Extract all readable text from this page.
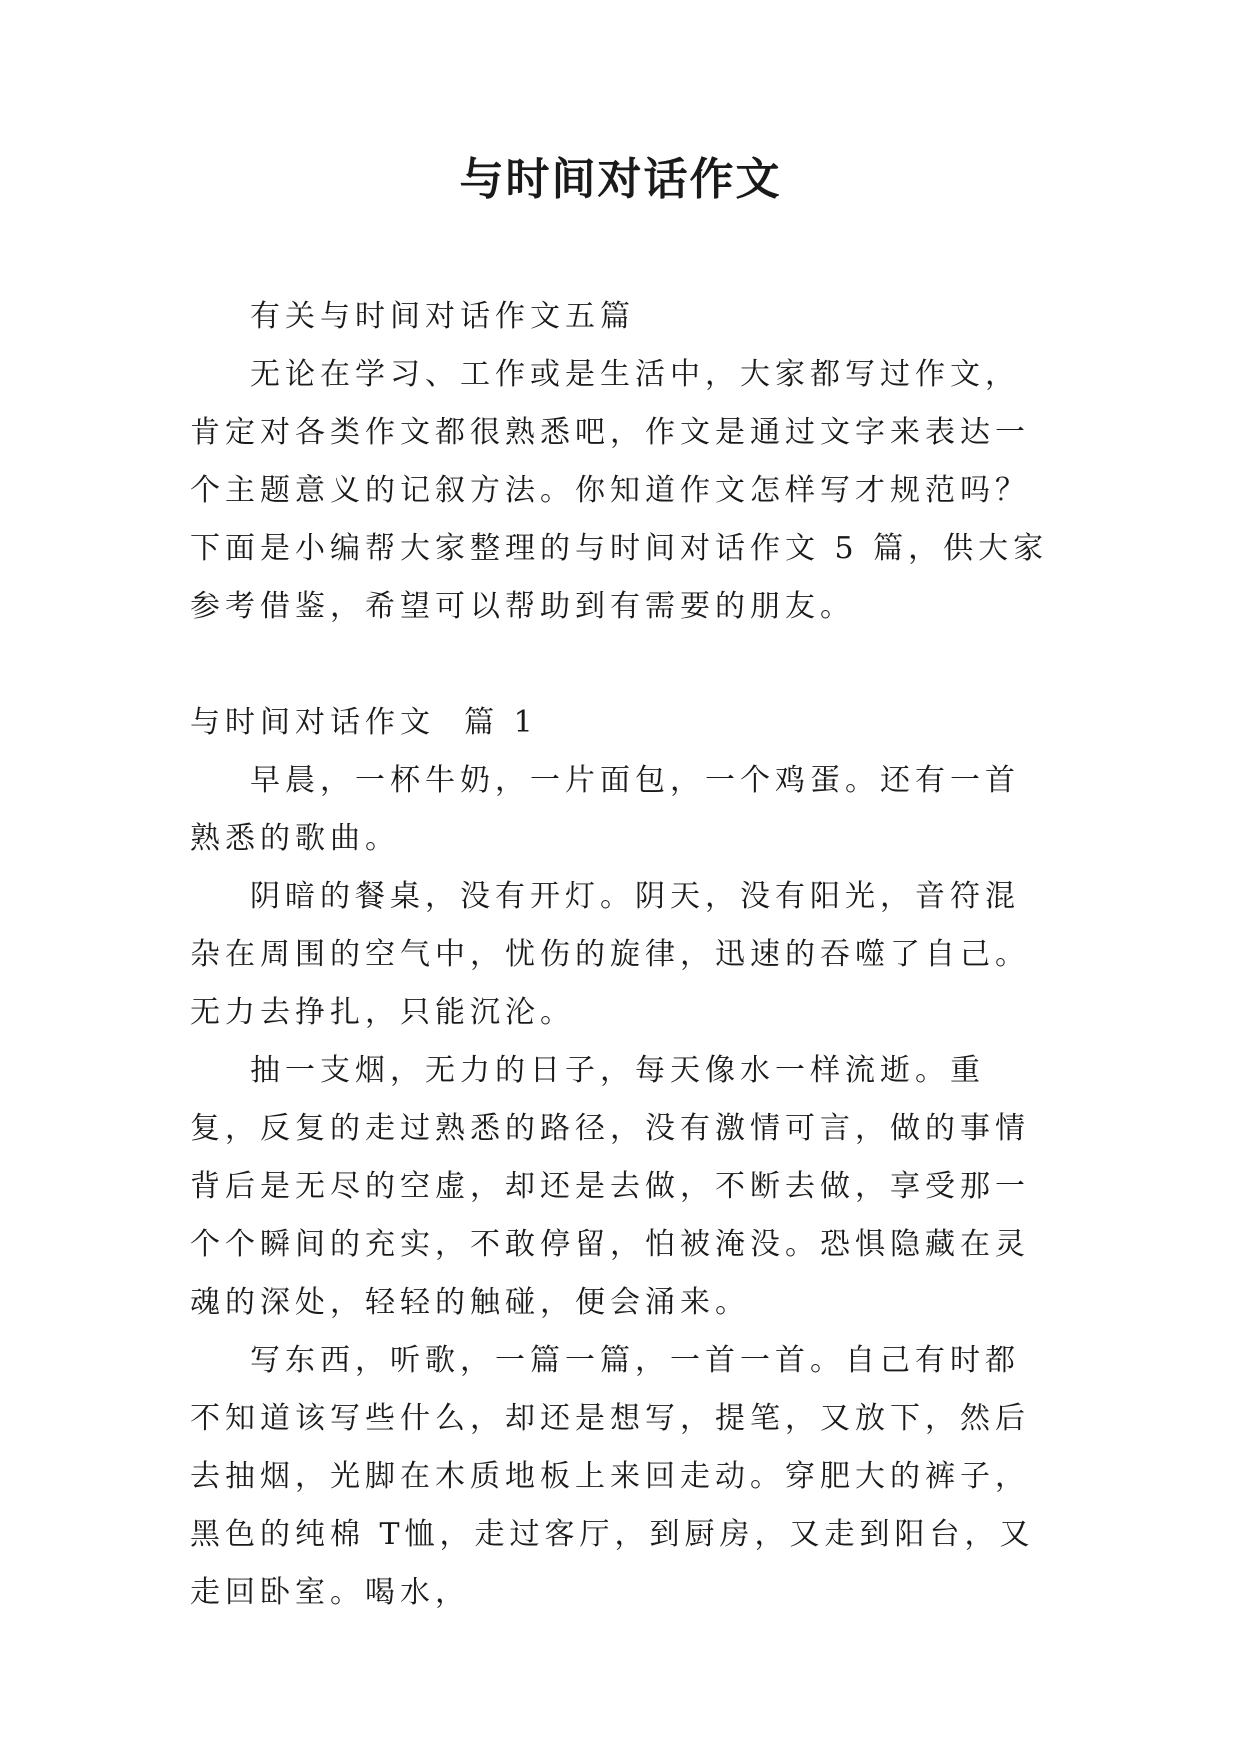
与时间对话作文

有关与时间对话作文五篇

无论在学习、工作或是生活中，大家都写过作文，肯定对各类作文都很熟悉吧，作文是通过文字来表达一个主题意义的记叙方法。你知道作文怎样写才规范吗？下面是小编帮大家整理的与时间对话作文 5 篇，供大家参考借鉴，希望可以帮助到有需要的朋友。

与时间对话作文  篇 1

早晨，一杯牛奶，一片面包，一个鸡蛋。还有一首熟悉的歌曲。

阴暗的餐桌，没有开灯。阴天，没有阳光，音符混杂在周围的空气中，忧伤的旋律，迅速的吞噬了自己。无力去挣扎，只能沉沦。

抽一支烟，无力的日子，每天像水一样流逝。重复，反复的走过熟悉的路径，没有激情可言，做的事情背后是无尽的空虚，却还是去做，不断去做，享受那一个个瞬间的充实，不敢停留，怕被淹没。恐惧隐藏在灵魂的深处，轻轻的触碰，便会涌来。

写东西，听歌，一篇一篇，一首一首。自己有时都不知道该写些什么，却还是想写，提笔，又放下，然后去抽烟，光脚在木质地板上来回走动。穿肥大的裤子，黑色的纯棉 T恤，走过客厅，到厨房，又走到阳台，又走回卧室。喝水，
